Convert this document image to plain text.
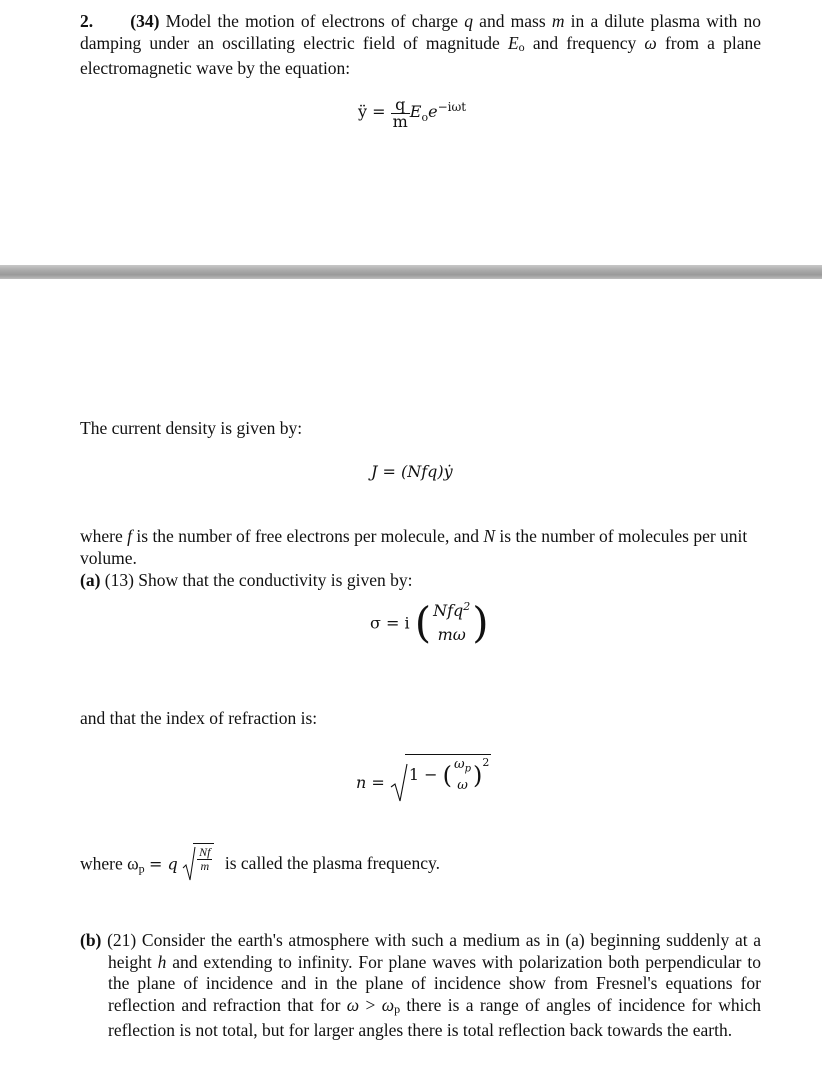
2. (34) Model the motion of electrons of charge q and mass m in a dilute plasma with no damping under an oscillating electric field of magnitude Eo and frequency ω from a plane electromagnetic wave by the equation:
ÿ = $\frac{q}{m} E_oe^{-i\omega t}$
The current density is given by:
J = (Nfq)ẏ
where f is the number of free electrons per molecule, and N is the number of molecules per unit volume.
(a) (13) Show that the conductivity is given by:
σ = i ( Nfq$^2$
mω )
and that the index of refraction is:
n = 1 − ( $\omega_p$
ω )$^2$
where $\omega_p = q \frac{Nf}{m}$ is called the plasma frequency.
(b) (21) Consider the earth's atmosphere with such a medium as in (a) beginning suddenly at a height h and extending to infinity. For plane waves with polarization both perpendicular to the plane of incidence and in the plane of incidence show from Fresnel's equations for reflection and refraction that for ω > ωp there is a range of angles of incidence for which reflection is not total, but for larger angles there is total reflection back towards the earth.
